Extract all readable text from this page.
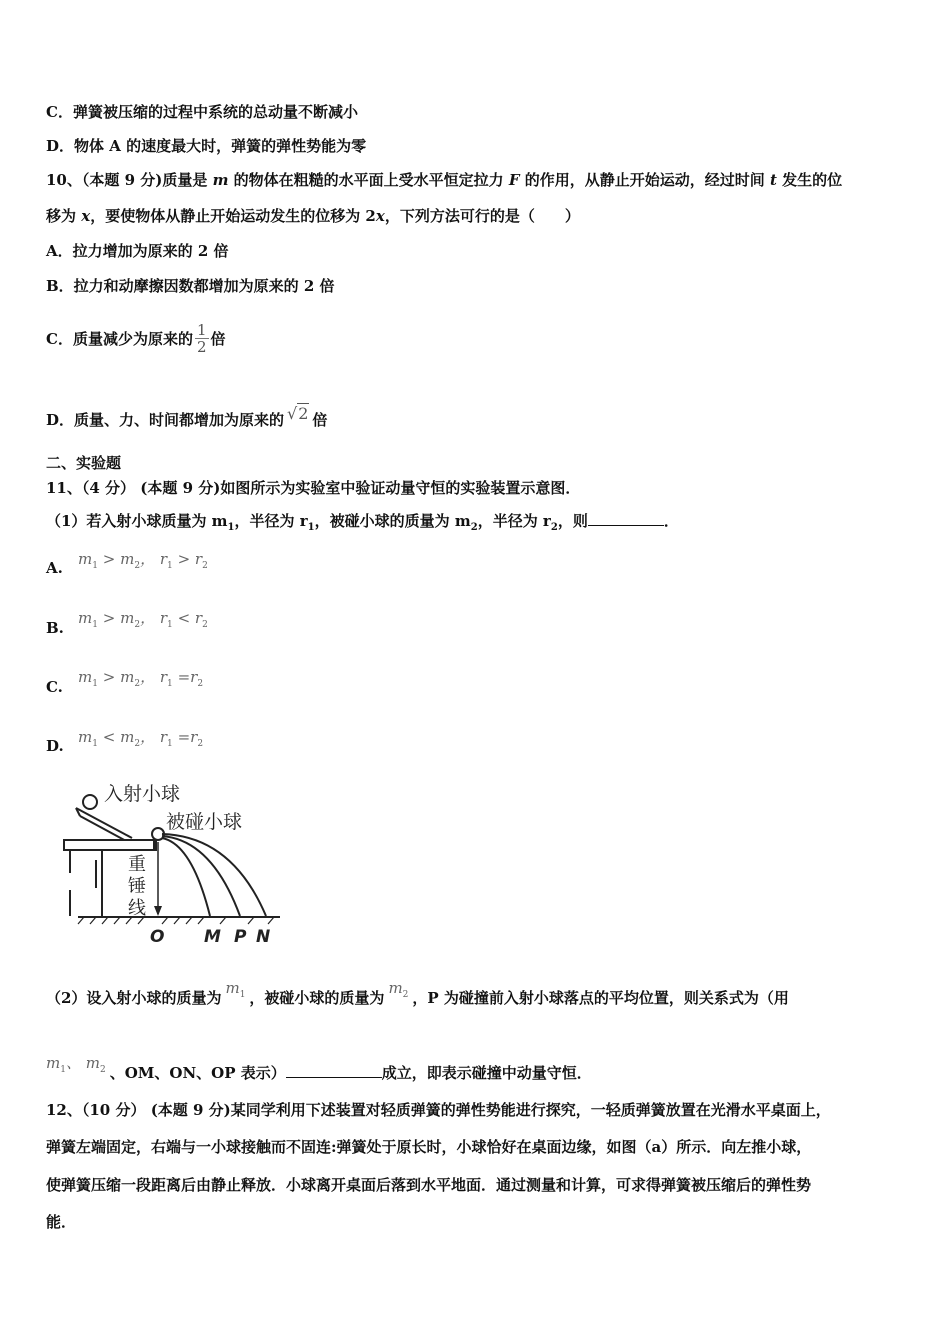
C．弹簧被压缩的过程中系统的总动量不断减小
D．物体 A 的速度最大时，弹簧的弹性势能为零
10、（本题 9 分)质量是 m 的物体在粗糙的水平面上受水平恒定拉力 F 的作用，从静止开始运动，经过时间 t 发生的位
移为 x，要使物体从静止开始运动发生的位移为 2x，下列方法可行的是（　　）
A．拉力增加为原来的 2 倍
B．拉力和动摩擦因数都增加为原来的 2 倍
C．质量减少为原来的 $\frac{1}{2}$ 倍
D．质量、力、时间都增加为原来的 √2 倍
二、实验题
11、（4 分） (本题 9 分)如图所示为实验室中验证动量守恒的实验装置示意图．
（1）若入射小球质量为 $m_1$，半径为 $r_1$，被碰小球的质量为 $m_2$，半径为 $r_2$，则	．
A. $m_1 > m_2$， $r_1 > r_2$
B.
$m_1 > m_2$， $r_1 < r_2$
C.
$m_1 > m_2$， $r_1 =r_2$
D. $m_1 < m_2$， $r_1 =r_2$
入射小球
被碰小球
重
锤
线
O M P N
（2）设入射小球的质量为$m_1$ ，被碰小球的质量为$m_2$ ，P 为碰撞前入射小球落点的平均位置，则关系式为（用
$m_1$、 $m_2$ 、OM、ON、OP 表示）	成立，即表示碰撞中动量守恒．
12、（10 分） (本题 9 分)某同学利用下述装置对轻质弹簧的弹性势能进行探究，一轻质弹簧放置在光滑水平桌面上，
弹簧左端固定，右端与一小球接触而不固连:弹簧处于原长时，小球恰好在桌面边缘，如图（a）所示．向左推小球，
使弹簧压缩一段距离后由静止释放．小球离开桌面后落到水平地面．通过测量和计算，可求得弹簧被压缩后的弹性势
能．
